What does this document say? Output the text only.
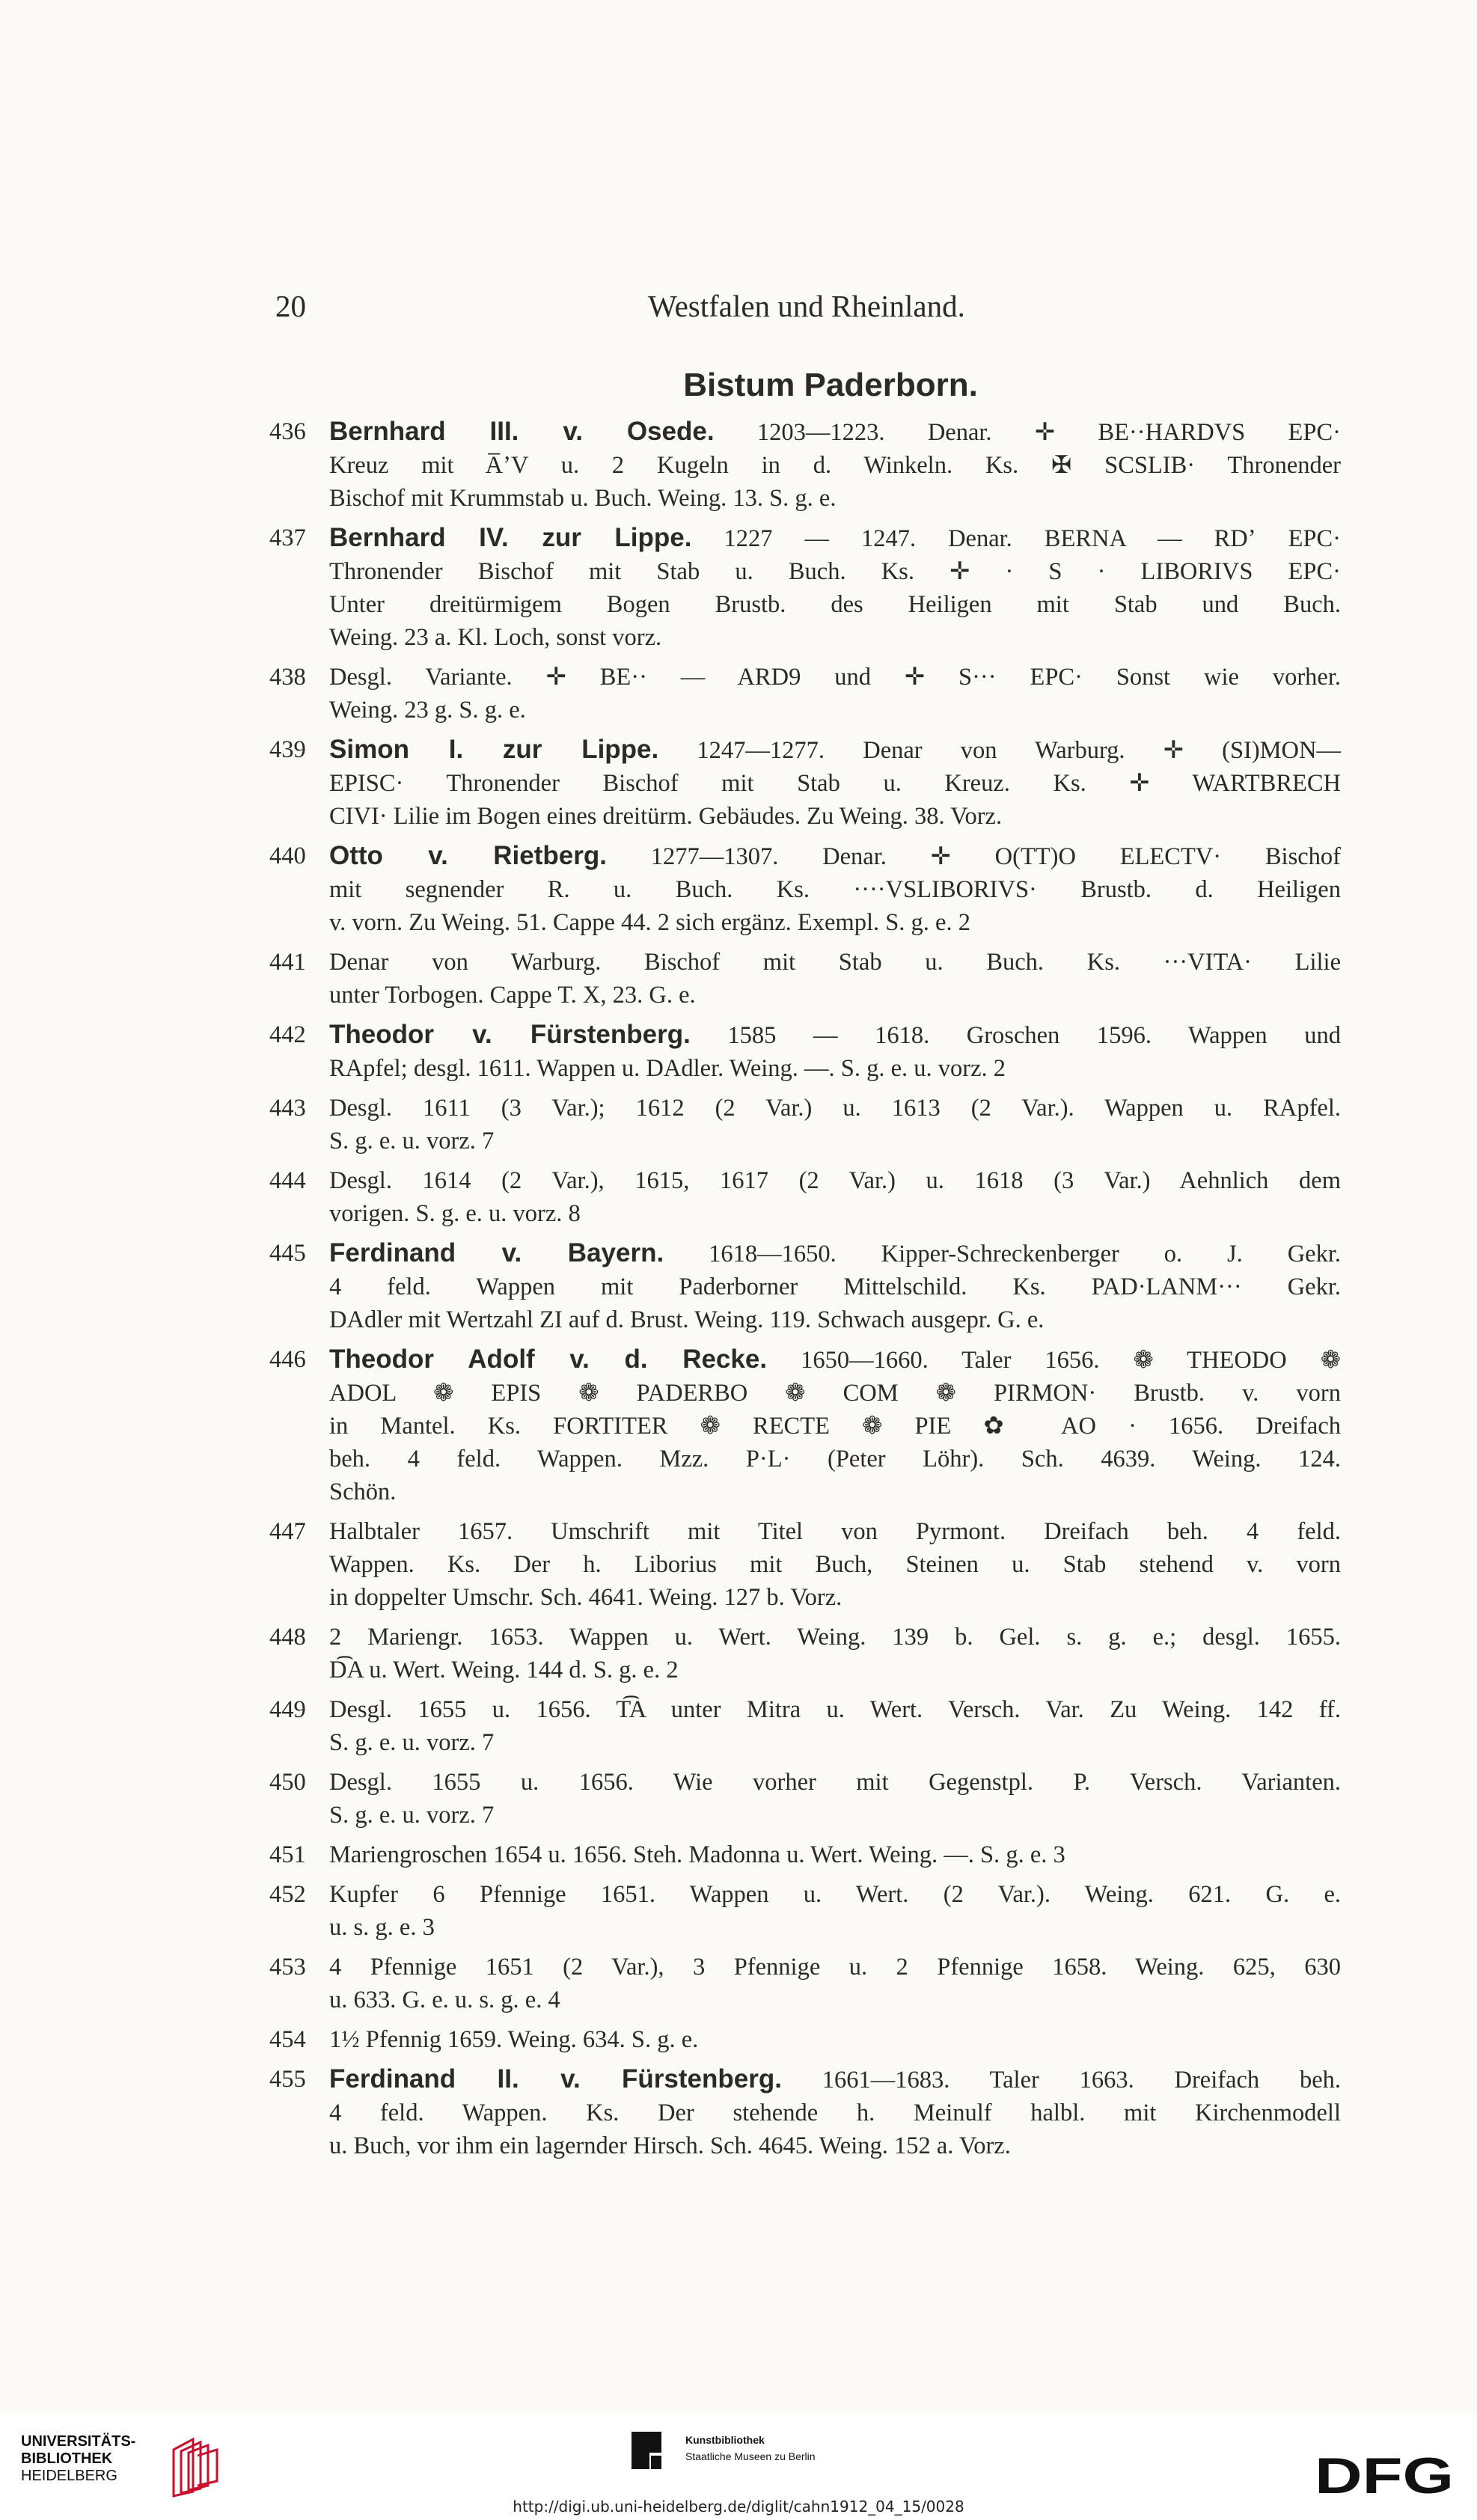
20	Westfalen und Rheinland.
Bistum Paderborn.
436 Bernhard III. v. Osede. 1203—1223. Denar. ✛ BE··HARDVS EPC·
Kreuz mit A̅ʼV u. 2 Kugeln in d. Winkeln. Ks. ✠ SCSLIB· Thronender
Bischof mit Krummstab u. Buch. Weing. 13. S. g. e.
437 Bernhard IV. zur Lippe. 1227 — 1247. Denar. BERNA — RDʼ EPC·
Thronender Bischof mit Stab u. Buch. Ks. ✛ · S · LIBORIVS EPC·
Unter dreitürmigem Bogen Brustb. des Heiligen mit Stab und Buch.
Weing. 23 a. Kl. Loch, sonst vorz.
438 Desgl. Variante. ✛ BE·· — ARD9 und ✛ S··· EPC· Sonst wie vorher.
Weing. 23 g. S. g. e.
439 Simon I. zur Lippe. 1247—1277. Denar von Warburg. ✛ (SI)MON—
EPISC· Thronender Bischof mit Stab u. Kreuz. Ks. ✛ WARTBRECH
CIVI· Lilie im Bogen eines dreitürm. Gebäudes. Zu Weing. 38. Vorz.
440 Otto v. Rietberg. 1277—1307. Denar. ✛ O(TT)O ELECTV· Bischof
mit segnender R. u. Buch. Ks. ····VSLIBORIVS· Brustb. d. Heiligen
v. vorn. Zu Weing. 51. Cappe 44. 2 sich ergänz. Exempl. S. g. e. 2
441 Denar von Warburg. Bischof mit Stab u. Buch. Ks. ···VITA· Lilie
unter Torbogen. Cappe T. X, 23. G. e.
442 Theodor v. Fürstenberg. 1585 — 1618. Groschen 1596. Wappen und
RApfel; desgl. 1611. Wappen u. DAdler. Weing. —. S. g. e. u. vorz. 2
443 Desgl. 1611 (3 Var.); 1612 (2 Var.) u. 1613 (2 Var.). Wappen u. RApfel.
S. g. e. u. vorz. 7
444 Desgl. 1614 (2 Var.), 1615, 1617 (2 Var.) u. 1618 (3 Var.) Aehnlich dem
vorigen. S. g. e. u. vorz. 8
445 Ferdinand v. Bayern. 1618—1650. Kipper-Schreckenberger o. J. Gekr.
4 feld. Wappen mit Paderborner Mittelschild. Ks. PAD·LANM··· Gekr.
DAdler mit Wertzahl ZI auf d. Brust. Weing. 119. Schwach ausgepr. G. e.
446 Theodor Adolf v. d. Recke. 1650—1660. Taler 1656. ❁ THEODO ❁
ADOL ❁ EPIS ❁ PADERBO ❁ COM ❁ PIRMON· Brustb. v. vorn
in Mantel. Ks. FORTITER ❁ RECTE ❁ PIE ✿ AO · 1656. Dreifach
beh. 4 feld. Wappen. Mzz. P·L· (Peter Löhr). Sch. 4639. Weing. 124.
Schön.
447 Halbtaler 1657. Umschrift mit Titel von Pyrmont. Dreifach beh. 4 feld.
Wappen. Ks. Der h. Liborius mit Buch, Steinen u. Stab stehend v. vorn
in doppelter Umschr. Sch. 4641. Weing. 127 b. Vorz.
448 2 Mariengr. 1653. Wappen u. Wert. Weing. 139 b. Gel. s. g. e.; desgl. 1655.
D͡A u. Wert. Weing. 144 d. S. g. e. 2
449 Desgl. 1655 u. 1656. T͡A unter Mitra u. Wert. Versch. Var. Zu Weing. 142 ff.
S. g. e. u. vorz. 7
450 Desgl. 1655 u. 1656. Wie vorher mit Gegenstpl. P. Versch. Varianten.
S. g. e. u. vorz. 7
451 Mariengroschen 1654 u. 1656. Steh. Madonna u. Wert. Weing. —. S. g. e. 3
452 Kupfer 6 Pfennige 1651. Wappen u. Wert. (2 Var.). Weing. 621. G. e.
u. s. g. e. 3
453 4 Pfennige 1651 (2 Var.), 3 Pfennige u. 2 Pfennige 1658. Weing. 625, 630
u. 633. G. e. u. s. g. e. 4
454 1½ Pfennig 1659. Weing. 634. S. g. e.
455 Ferdinand II. v. Fürstenberg. 1661—1683. Taler 1663. Dreifach beh.
4 feld. Wappen. Ks. Der stehende h. Meinulf halbl. mit Kirchenmodell
u. Buch, vor ihm ein lagernder Hirsch. Sch. 4645. Weing. 152 a. Vorz.
UNIVERSITÄTS-
BIBLIOTHEK
HEIDELBERG
Kunstbibliothek
Staatliche Museen zu Berlin	DFG
http://digi.ub.uni-heidelberg.de/diglit/cahn1912_04_15/0028
